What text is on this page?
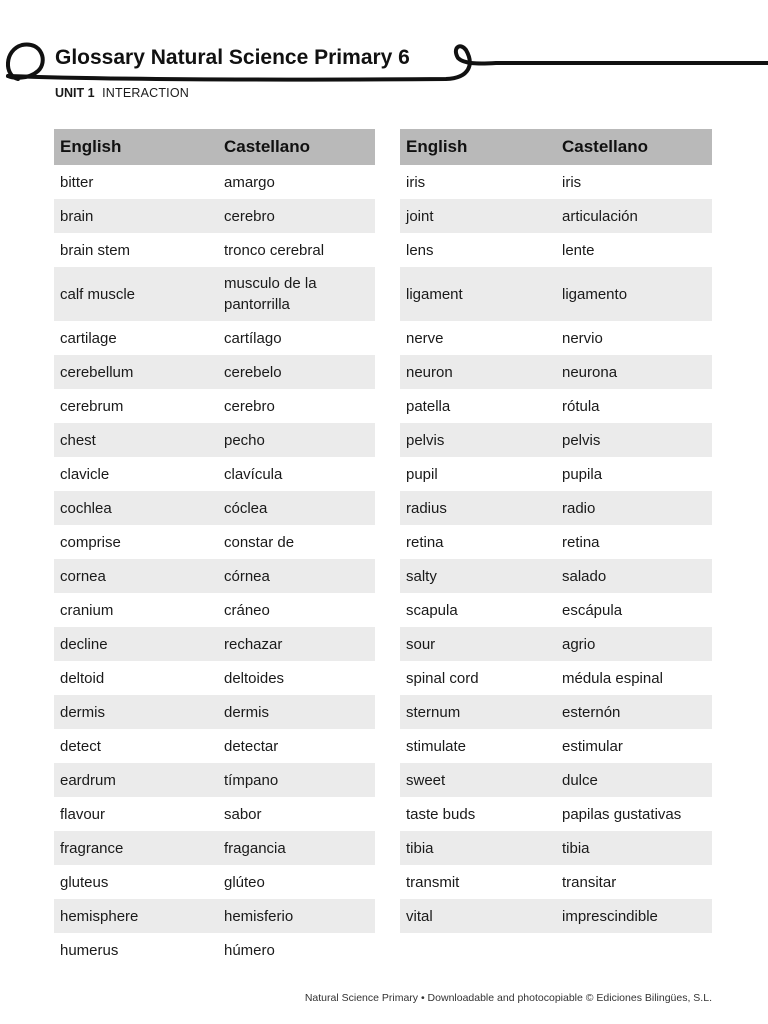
Glossary Natural Science Primary 6
UNIT 1 INTERACTION
English	Castellano
bitter	amargo
brain	cerebro
brain stem	tronco cerebral
calf muscle	musculo de la pantorrilla
cartilage	cartílago
cerebellum	cerebelo
cerebrum	cerebro
chest	pecho
clavicle	clavícula
cochlea	cóclea
comprise	constar de
cornea	córnea
cranium	cráneo
decline	rechazar
deltoid	deltoides
dermis	dermis
detect	detectar
eardrum	tímpano
flavour	sabor
fragrance	fragancia
gluteus	glúteo
hemisphere	hemisferio
humerus	húmero
English	Castellano
iris	iris
joint	articulación
lens	lente
ligament	ligamento
nerve	nervio
neuron	neurona
patella	rótula
pelvis	pelvis
pupil	pupila
radius	radio
retina	retina
salty	salado
scapula	escápula
sour	agrio
spinal cord	médula espinal
sternum	esternón
stimulate	estimular
sweet	dulce
taste buds	papilas gustativas
tibia	tibia
transmit	transitar
vital	imprescindible
Natural Science Primary • Downloadable and photocopiable © Ediciones Bilingües, S.L.
